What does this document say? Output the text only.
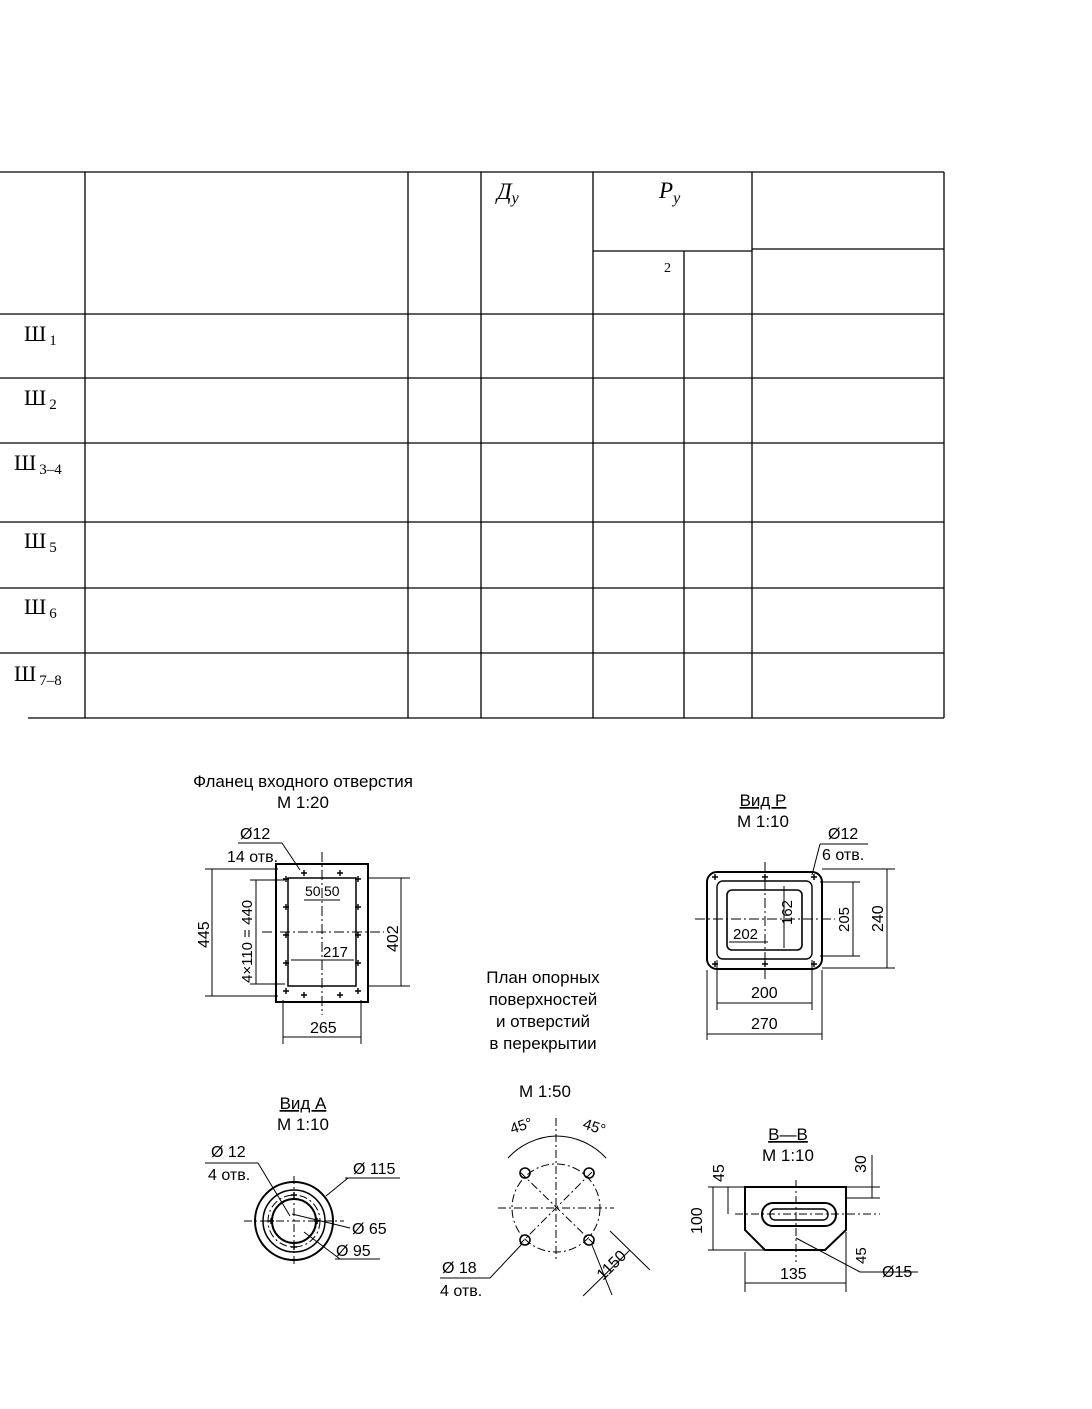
Ду	$P_у$
2
Ш 1
Ш 2
Ш 3–4
Ш 5
Ш 6
Ш 7–8
Фланец входного отверстия
М 1:20
Ø12
14 отв.
445 4×110 = 440	402
50 50
217
265
Вид Р
М 1:10
Ø12
6 отв.
162
202
205 240
200
270
План опорных
поверхностей
и отверстий
в перекрытии
М 1:50
45°	45°
Ø 18
4 отв.
1150
Вид А
М 1:10
Ø 12
4 отв.	Ø 115
Ø 65
Ø 95
В—В
М 1:10
45
30
100
45
135	Ø15
